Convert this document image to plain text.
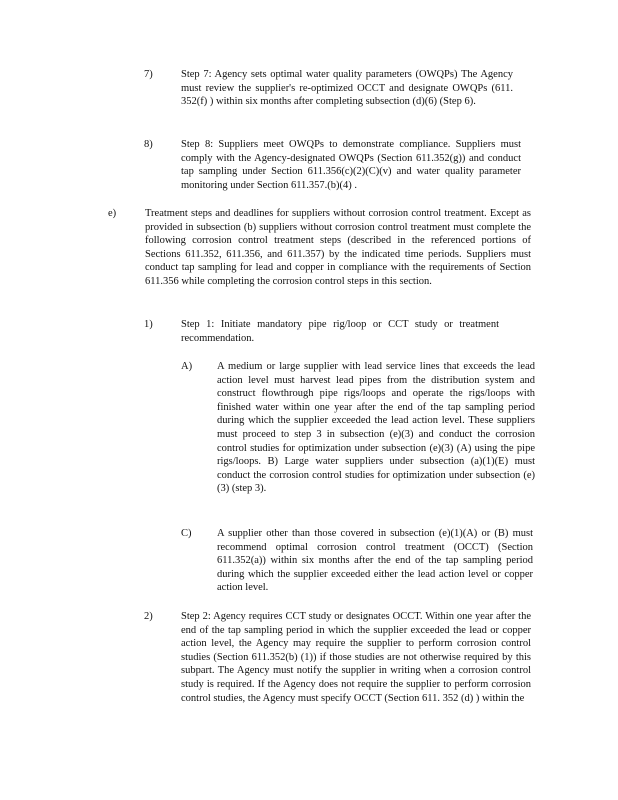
7)	Step 7: Agency sets optimal water quality parameters (OWQPs) The Agency must review the supplier's re-optimized OCCT and designate OWQPs (611. 352(f) ) within six months after completing subsection (d)(6) (Step 6).
8)	Step 8: Suppliers meet OWQPs to demonstrate compliance. Suppliers must comply with the Agency-designated OWQPs (Section 611.352(g)) and conduct tap sampling under Section 611.356(c)(2)(C)(v) and water quality parameter monitoring under Section 611.357.(b)(4) .
e)	Treatment steps and deadlines for suppliers without corrosion control treatment. Except as provided in subsection (b) suppliers without corrosion control treatment must complete the following corrosion control treatment steps (described in the referenced portions of Sections 611.352, 611.356, and 611.357) by the indicated time periods. Suppliers must conduct tap sampling for lead and copper in compliance with the requirements of Section 611.356 while completing the corrosion control steps in this section.
1)	Step 1: Initiate mandatory pipe rig/loop or CCT study or treatment recommendation.
A) A medium or large supplier with lead service lines that exceeds the lead action level must harvest lead pipes from the distribution system and construct flowthrough pipe rigs/loops and operate the rigs/loops with finished water within one year after the end of the tap sampling period during which the supplier exceeded the lead action level. These suppliers must proceed to step 3 in subsection (e)(3) and conduct the corrosion control studies for optimization under subsection (e)(3) (A) using the pipe rigs/loops. B) Large water suppliers under subsection (a)(1)(E) must conduct the corrosion control studies for optimization under subsection (e)(3) (step 3).
C) A supplier other than those covered in subsection (e)(1)(A) or (B) must recommend optimal corrosion control treatment (OCCT) (Section 611.352(a)) within six months after the end of the tap sampling period during which the supplier exceeded either the lead action level or copper action level.
2)	Step 2: Agency requires CCT study or designates OCCT. Within one year after the end of the tap sampling period in which the supplier exceeded the lead or copper action level, the Agency may require the supplier to perform corrosion control studies (Section 611.352(b) (1)) if those studies are not otherwise required by this subpart. The Agency must notify the supplier in writing when a corrosion control study is required. If the Agency does not require the supplier to perform corrosion control studies, the Agency must specify OCCT (Section 611. 352 (d) ) within the
